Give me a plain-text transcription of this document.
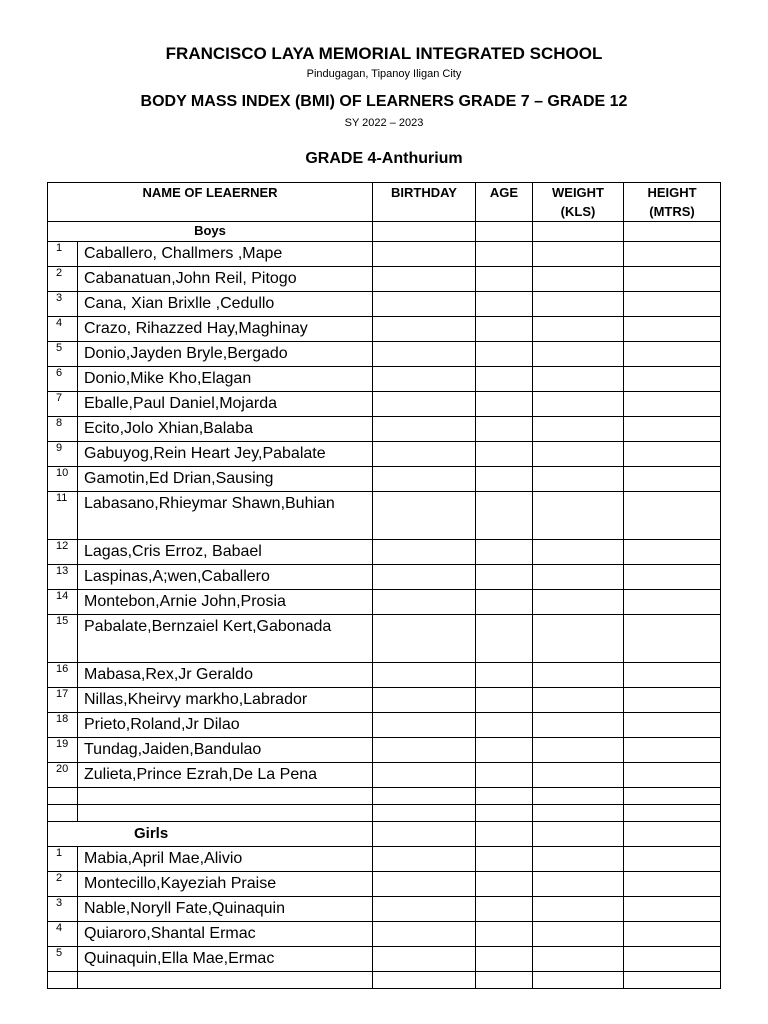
FRANCISCO LAYA MEMORIAL INTEGRATED SCHOOL
Pindugagan, Tipanoy Iligan City
BODY MASS INDEX (BMI) OF LEARNERS GRADE 7 – GRADE 12
SY 2022 – 2023
GRADE 4-Anthurium
NAME OF LEAERNER		BIRTHDAY	AGE	WEIGHT (KLS)	HEIGHT (MTRS)
Boys					
1	Caballero, Challmers ,Mape				
2	Cabanatuan,John Reil, Pitogo				
3	Cana, Xian Brixlle ,Cedullo				
4	Crazo, Rihazzed Hay,Maghinay				
5	Donio,Jayden Bryle,Bergado				
6	Donio,Mike Kho,Elagan				
7	Eballe,Paul Daniel,Mojarda				
8	Ecito,Jolo Xhian,Balaba				
9	Gabuyog,Rein Heart Jey,Pabalate				
10	Gamotin,Ed Drian,Sausing				
11	Labasano,Rhieymar Shawn,Buhian				
12	Lagas,Cris Erroz, Babael				
13	Laspinas,A;wen,Caballero				
14	Montebon,Arnie John,Prosia				
15	Pabalate,Bernzaiel Kert,Gabonada				
16	Mabasa,Rex,Jr Geraldo				
17	Nillas,Kheirvy markho,Labrador				
18	Prieto,Roland,Jr Dilao				
19	Tundag,Jaiden,Bandulao				
20	Zulieta,Prince Ezrah,De La Pena				

Girls					
1	Mabia,April Mae,Alivio				
2	Montecillo,Kayeziah Praise				
3	Nable,Noryll Fate,Quinaquin				
4	Quiaroro,Shantal Ermac				
5	Quinaquin,Ella Mae,Ermac				
